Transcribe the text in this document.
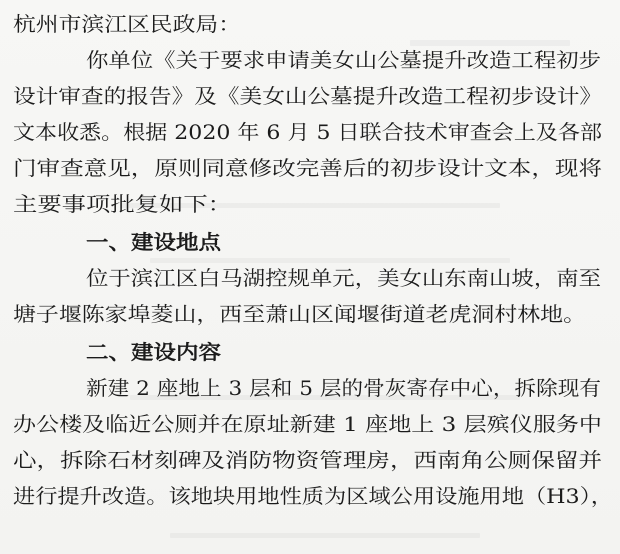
杭州市滨江区民政局：
你单位《关于要求申请美女山公墓提升改造工程初步
设计审查的报告》及《美女山公墓提升改造工程初步设计》
文本收悉。根据 2020 年 6 月 5 日联合技术审查会上及各部
门审查意见，原则同意修改完善后的初步设计文本，现将
主要事项批复如下：
一、建设地点
位于滨江区白马湖控规单元，美女山东南山坡，南至
塘子堰陈家埠菱山，西至萧山区闻堰街道老虎洞村林地。
二、建设内容
新建 2 座地上 3 层和 5 层的骨灰寄存中心，拆除现有
办公楼及临近公厕并在原址新建 1 座地上 3 层殡仪服务中
心，拆除石材刻碑及消防物资管理房，西南角公厕保留并
进行提升改造。该地块用地性质为区域公用设施用地（H3），
